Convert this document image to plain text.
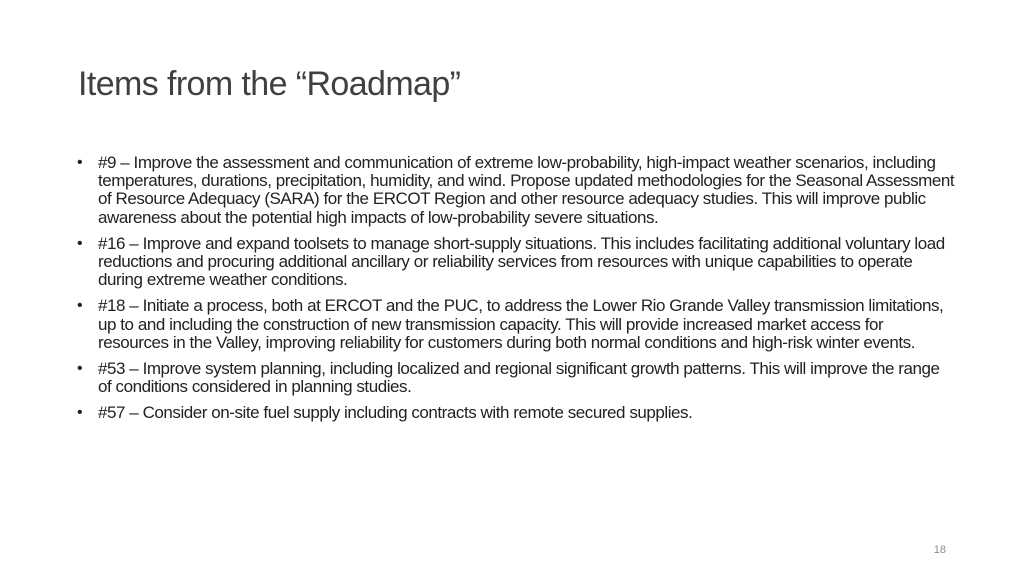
Items from the “Roadmap”
• #9 – Improve the assessment and communication of extreme low-probability, high-impact weather scenarios, including temperatures, durations, precipitation, humidity, and wind. Propose updated methodologies for the Seasonal Assessment of Resource Adequacy (SARA) for the ERCOT Region and other resource adequacy studies. This will improve public awareness about the potential high impacts of low-probability severe situations.
• #16 – Improve and expand toolsets to manage short-supply situations. This includes facilitating additional voluntary load reductions and procuring additional ancillary or reliability services from resources with unique capabilities to operate during extreme weather conditions.
• #18 – Initiate a process, both at ERCOT and the PUC, to address the Lower Rio Grande Valley transmission limitations, up to and including the construction of new transmission capacity. This will provide increased market access for resources in the Valley, improving reliability for customers during both normal conditions and high-risk winter events.
• #53 – Improve system planning, including localized and regional significant growth patterns. This will improve the range of conditions considered in planning studies.
• #57 – Consider on-site fuel supply including contracts with remote secured supplies.
18
